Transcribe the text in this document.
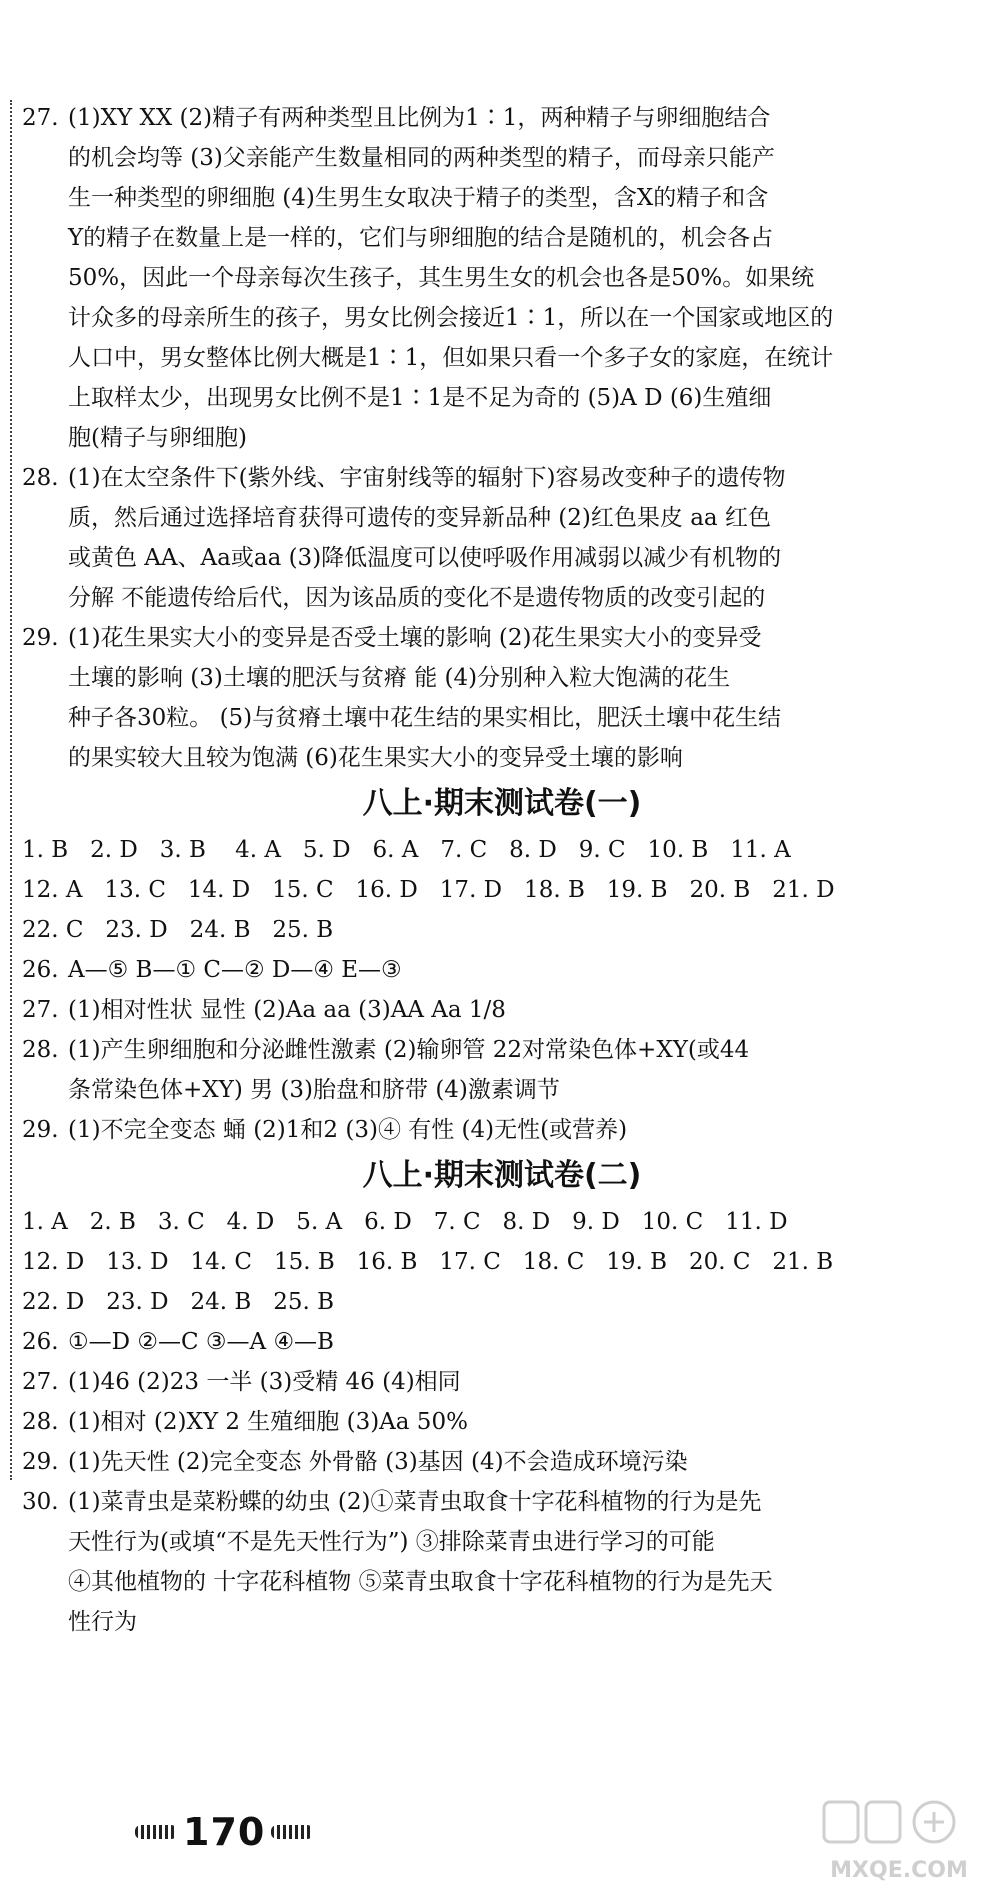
27. (1)XY XX (2)精子有两种类型且比例为1∶1，两种精子与卵细胞结合
的机会均等 (3)父亲能产生数量相同的两种类型的精子，而母亲只能产
生一种类型的卵细胞 (4)生男生女取决于精子的类型，含X的精子和含
Y的精子在数量上是一样的，它们与卵细胞的结合是随机的，机会各占
50%，因此一个母亲每次生孩子，其生男生女的机会也各是50%。如果统
计众多的母亲所生的孩子，男女比例会接近1∶1，所以在一个国家或地区的
人口中，男女整体比例大概是1∶1，但如果只看一个多子女的家庭，在统计
上取样太少，出现男女比例不是1∶1是不足为奇的 (5)A D (6)生殖细
胞(精子与卵细胞)
28. (1)在太空条件下(紫外线、宇宙射线等的辐射下)容易改变种子的遗传物
质，然后通过选择培育获得可遗传的变异新品种 (2)红色果皮 aa 红色
或黄色 AA、Aa或aa (3)降低温度可以使呼吸作用减弱以减少有机物的
分解 不能遗传给后代，因为该品质的变化不是遗传物质的改变引起的
29. (1)花生果实大小的变异是否受土壤的影响 (2)花生果实大小的变异受
土壤的影响 (3)土壤的肥沃与贫瘠 能 (4)分别种入粒大饱满的花生
种子各30粒。 (5)与贫瘠土壤中花生结的果实相比，肥沃土壤中花生结
的果实较大且较为饱满 (6)花生果实大小的变异受土壤的影响
八上·期末测试卷(一)
1. B   2. D   3. B    4. A   5. D   6. A   7. C   8. D   9. C   10. B   11. A
12. A   13. C   14. D   15. C   16. D   17. D   18. B   19. B   20. B   21. D
22. C   23. D   24. B   25. B
26. A—⑤ B—① C—② D—④ E—③
27. (1)相对性状 显性 (2)Aa aa (3)AA Aa 1/8
28. (1)产生卵细胞和分泌雌性激素 (2)输卵管 22对常染色体+XY(或44
条常染色体+XY) 男 (3)胎盘和脐带 (4)激素调节
29. (1)不完全变态 蛹 (2)1和2 (3)④ 有性 (4)无性(或营养)
八上·期末测试卷(二)
1. A   2. B   3. C   4. D   5. A   6. D   7. C   8. D   9. D   10. C   11. D
12. D   13. D   14. C   15. B   16. B   17. C   18. C   19. B   20. C   21. B
22. D   23. D   24. B   25. B
26. ①—D ②—C ③—A ④—B
27. (1)46 (2)23 一半 (3)受精 46 (4)相同
28. (1)相对 (2)XY 2 生殖细胞 (3)Aa 50%
29. (1)先天性 (2)完全变态 外骨骼 (3)基因 (4)不会造成环境污染
30. (1)菜青虫是菜粉蝶的幼虫 (2)①菜青虫取食十字花科植物的行为是先
天性行为(或填“不是先天性行为”) ③排除菜青虫进行学习的可能
④其他植物的 十字花科植物 ⑤菜青虫取食十字花科植物的行为是先天
性行为
170
MXQE.COM
